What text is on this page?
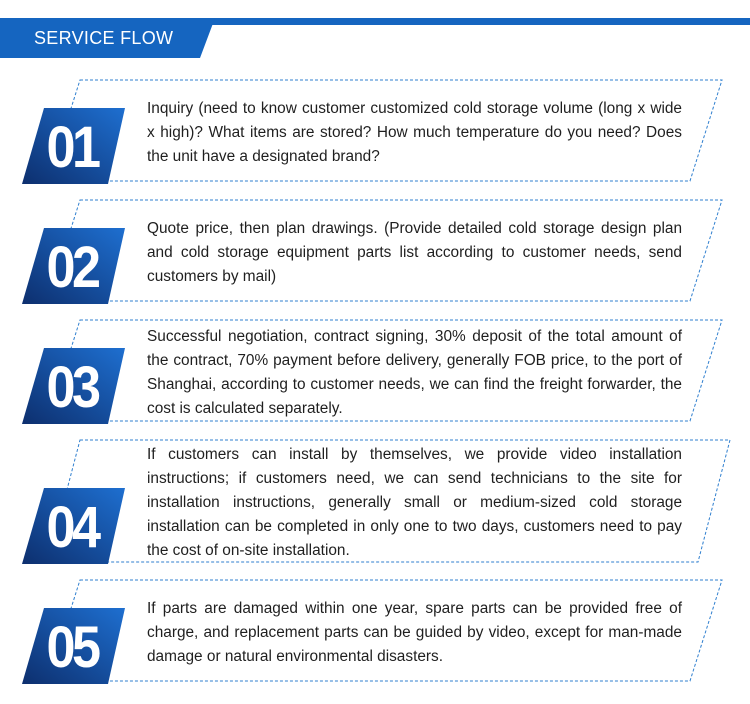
SERVICE FLOW
01
Inquiry (need to know customer customized cold storage volume (long x wide x high)? What items are stored? How much temperature do you need? Does the unit have a designated brand?
02
Quote price, then plan drawings. (Provide detailed cold storage design plan and cold storage equipment parts list according to customer needs, send customers by mail)
03
Successful negotiation, contract signing, 30% deposit of the total amount of the contract, 70% payment before delivery, generally FOB price, to the port of Shanghai, according to customer needs, we can find the freight forwarder, the cost is calculated separately.
04
If customers can install by themselves, we provide video installation instructions; if customers need, we can send technicians to the site for installation instructions, generally small or medium-sized cold storage installation can be completed in only one to two days, customers need to pay the cost of on-site installation.
05
If parts are damaged within one year, spare parts can be provided free of charge, and replacement parts can be guided by video, except for man-made damage or natural environmental disasters.
